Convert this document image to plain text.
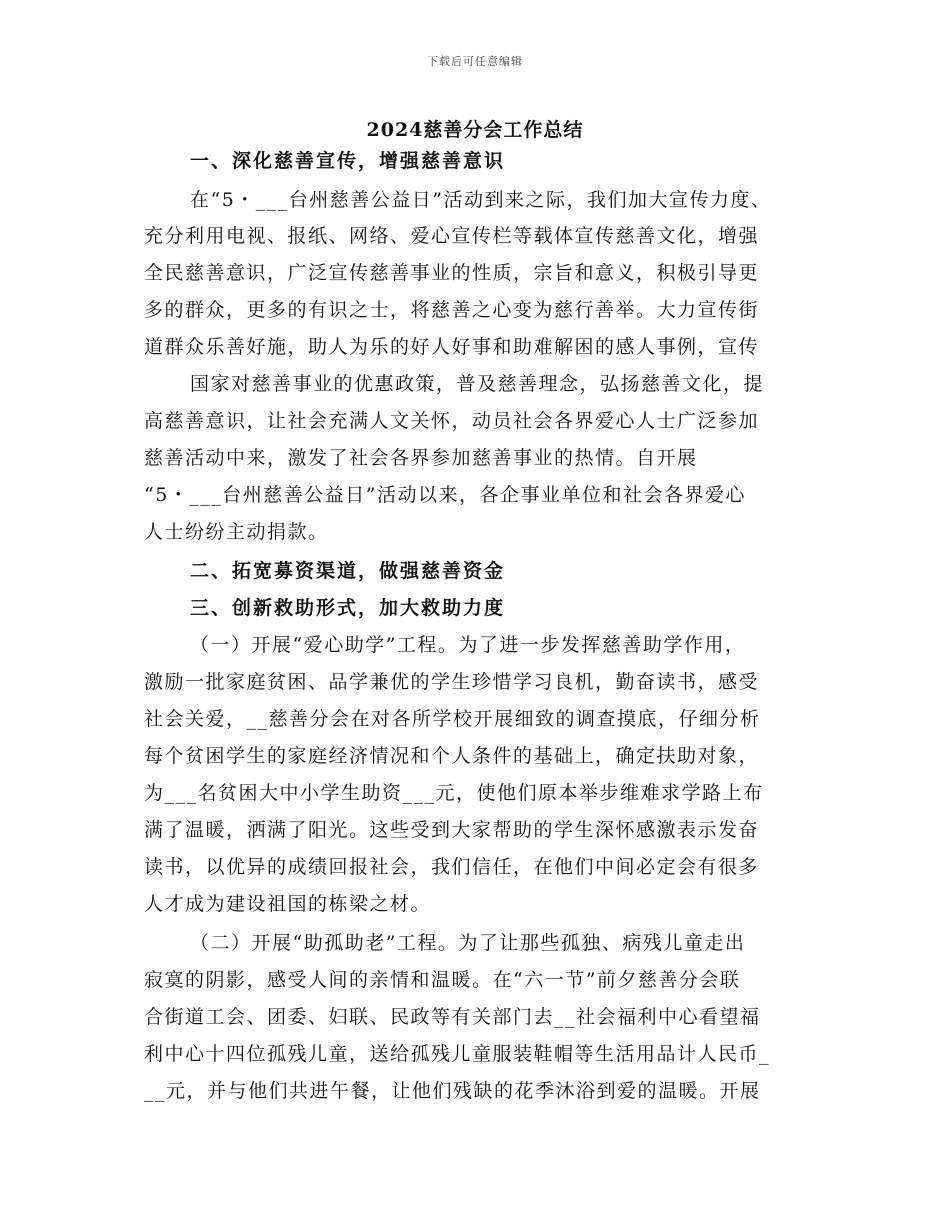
下载后可任意编辑
2024慈善分会工作总结
一、深化慈善宣传，增强慈善意识
在“5・___台州慈善公益日”活动到来之际，我们加大宣传力度、
充分利用电视、报纸、网络、爱心宣传栏等载体宣传慈善文化，增强
全民慈善意识，广泛宣传慈善事业的性质，宗旨和意义，积极引导更
多的群众，更多的有识之士，将慈善之心变为慈行善举。大力宣传街
道群众乐善好施，助人为乐的好人好事和助难解困的感人事例，宣传
国家对慈善事业的优惠政策，普及慈善理念，弘扬慈善文化，提
高慈善意识，让社会充满人文关怀，动员社会各界爱心人士广泛参加
慈善活动中来，激发了社会各界参加慈善事业的热情。自开展
“5・___台州慈善公益日”活动以来，各企事业单位和社会各界爱心
人士纷纷主动捐款。
二、拓宽募资渠道，做强慈善资金
三、创新救助形式，加大救助力度
（一）开展“爱心助学”工程。为了进一步发挥慈善助学作用，
激励一批家庭贫困、品学兼优的学生珍惜学习良机，勤奋读书，感受
社会关爱，__慈善分会在对各所学校开展细致的调查摸底，仔细分析
每个贫困学生的家庭经济情况和个人条件的基础上，确定扶助对象，
为___名贫困大中小学生助资___元，使他们原本举步维难求学路上布
满了温暖，洒满了阳光。这些受到大家帮助的学生深怀感激表示发奋
读书，以优异的成绩回报社会，我们信任，在他们中间必定会有很多
人才成为建设祖国的栋梁之材。
（二）开展“助孤助老”工程。为了让那些孤独、病残儿童走出
寂寞的阴影，感受人间的亲情和温暖。在“六一节”前夕慈善分会联
合街道工会、团委、妇联、民政等有关部门去__社会福利中心看望福
利中心十四位孤残儿童，送给孤残儿童服装鞋帽等生活用品计人民币_
__元，并与他们共进午餐，让他们残缺的花季沐浴到爱的温暖。开展
